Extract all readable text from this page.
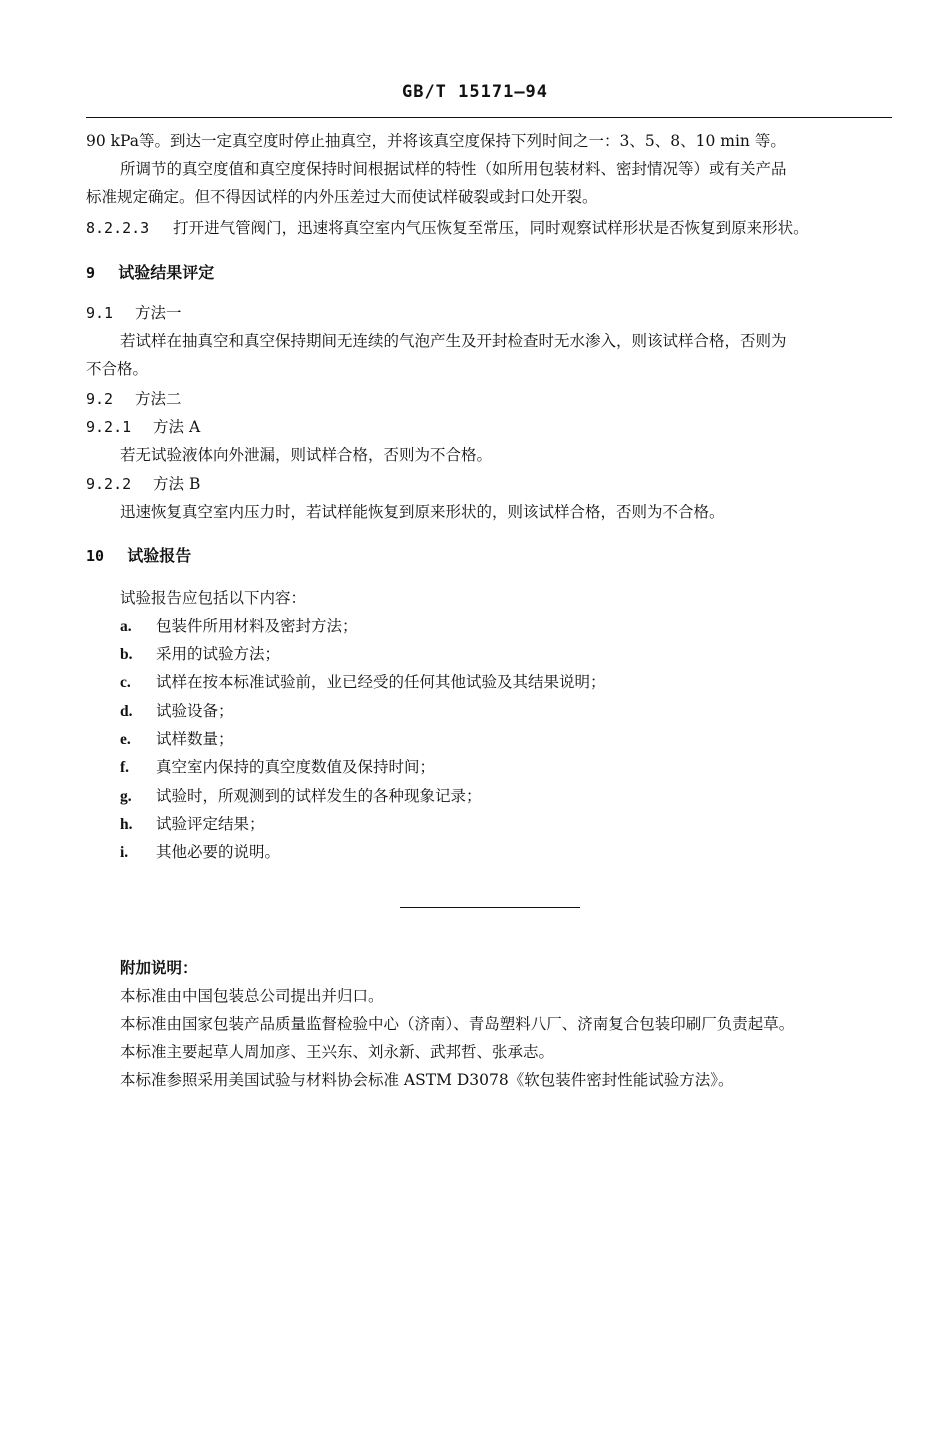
GB/T 15171—94
90 kPa等。到达一定真空度时停止抽真空，并将该真空度保持下列时间之一：3、5、8、10 min 等。
所调节的真空度值和真空度保持时间根据试样的特性（如所用包装材料、密封情况等）或有关产品
标准规定确定。但不得因试样的内外压差过大而使试样破裂或封口处开裂。
8.2.2.3 打开进气管阀门，迅速将真空室内气压恢复至常压，同时观察试样形状是否恢复到原来形状。
9 试验结果评定
9.1 方法一
若试样在抽真空和真空保持期间无连续的气泡产生及开封检查时无水渗入，则该试样合格，否则为
不合格。
9.2 方法二
9.2.1 方法 A
若无试验液体向外泄漏，则试样合格，否则为不合格。
9.2.2 方法 B
迅速恢复真空室内压力时，若试样能恢复到原来形状的，则该试样合格，否则为不合格。
10 试验报告
试验报告应包括以下内容：
a. 包装件所用材料及密封方法；
b. 采用的试验方法；
c. 试样在按本标准试验前，业已经受的任何其他试验及其结果说明；
d. 试验设备；
e. 试样数量；
f. 真空室内保持的真空度数值及保持时间；
g. 试验时，所观测到的试样发生的各种现象记录；
h. 试验评定结果；
i. 其他必要的说明。
附加说明：
本标准由中国包装总公司提出并归口。
本标准由国家包装产品质量监督检验中心（济南）、青岛塑料八厂、济南复合包装印刷厂负责起草。
本标准主要起草人周加彦、王兴东、刘永新、武邦哲、张承志。
本标准参照采用美国试验与材料协会标准 ASTM D3078《软包装件密封性能试验方法》。
